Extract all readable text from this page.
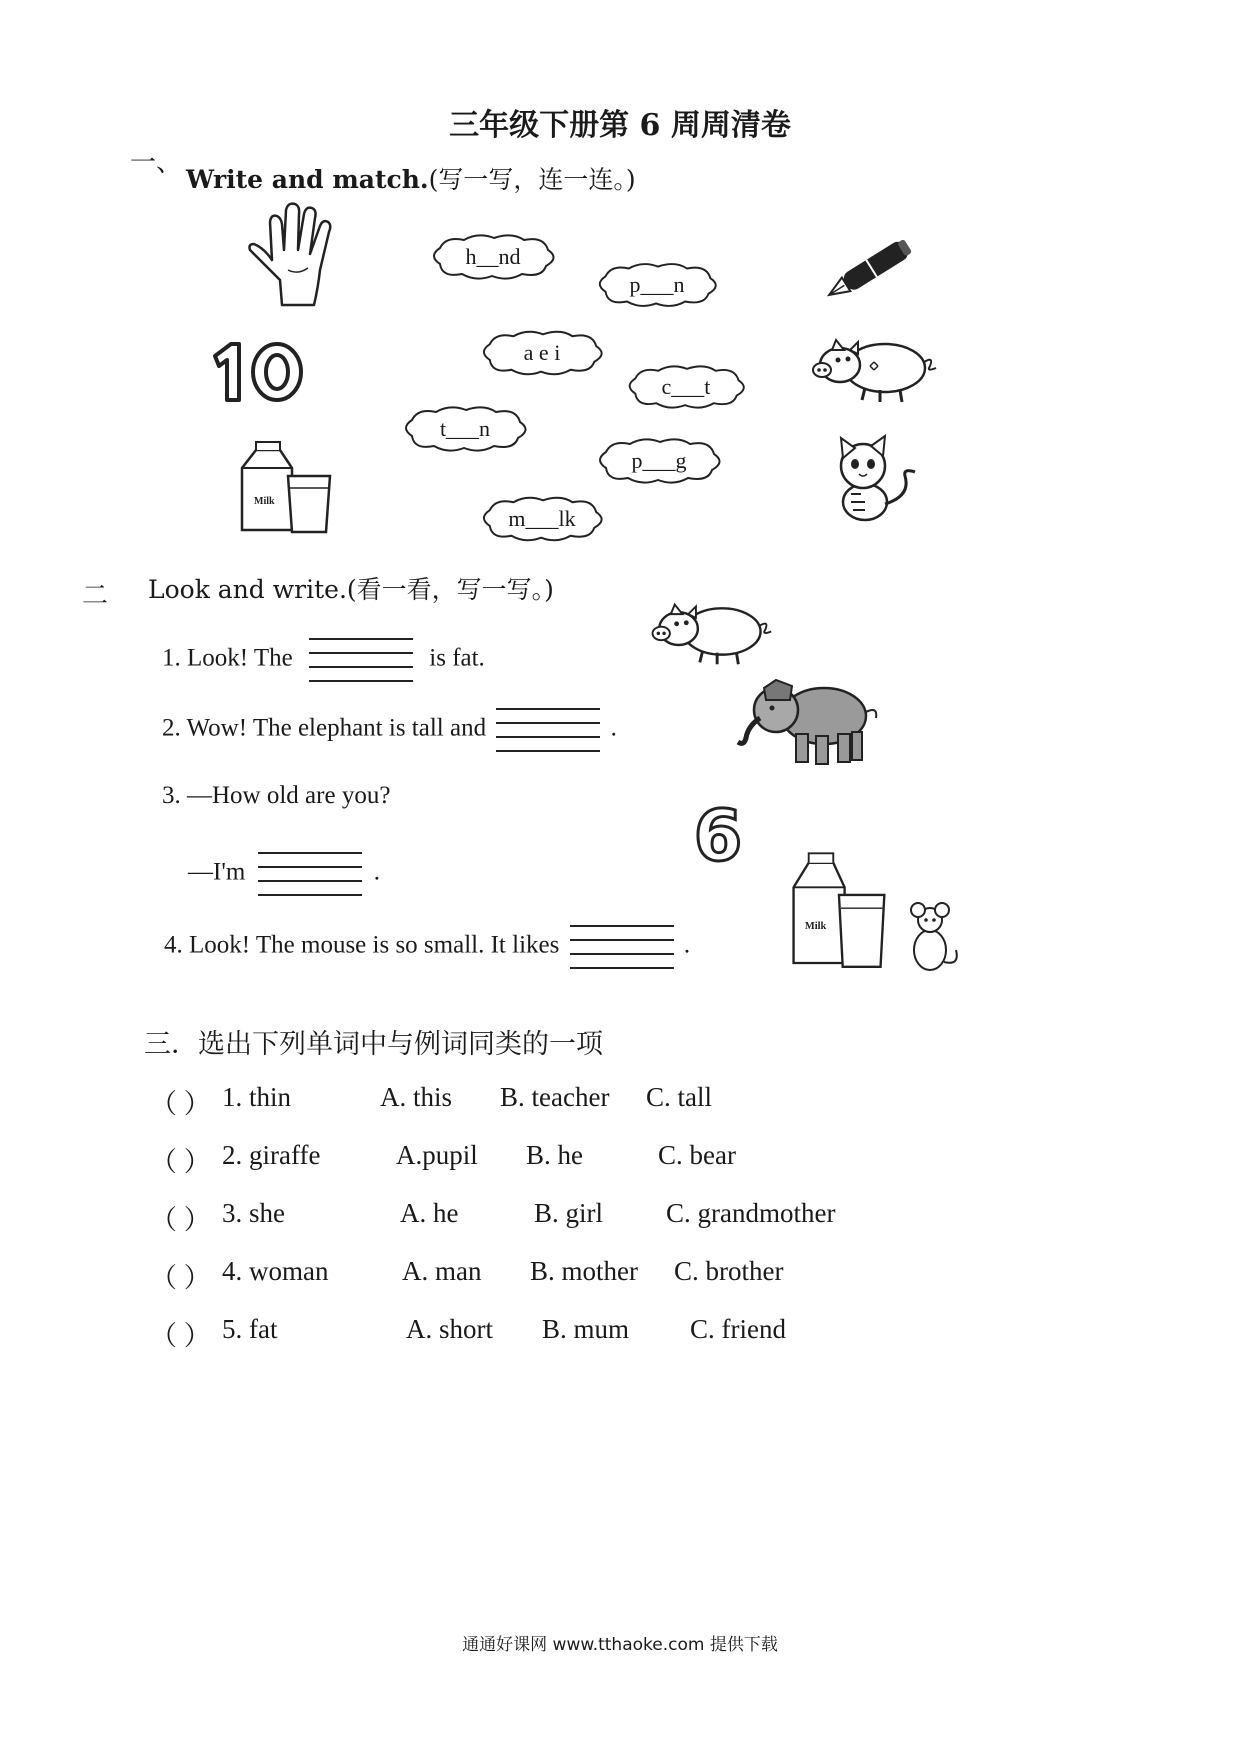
三年级下册第 6 周周清卷
一、
Write and match.(写一写，连一连。)
Milk
h__nd
p___n
a e i
c___t
t___n
p___g
m___lk
二 Look and write.(看一看，写一写。)
1. Look! The	is fat.
2. Wow! The elephant is tall and	.
3. —How old are you?
—I'm	.
4. Look! The mouse is so small. It likes	.
6
Milk
三．选出下列单词中与例词同类的一项
（ ） 1. thin	A. this B. teacher C. tall
（ ） 2. giraffe	A.pupil B. he	C. bear
（ ） 3. she	A. he	B. girl C. grandmother
（ ） 4. woman	A. man B. mother C. brother
（ ） 5. fat	A. short B. mum C. friend
通通好课网 www.tthaoke.com 提供下载
